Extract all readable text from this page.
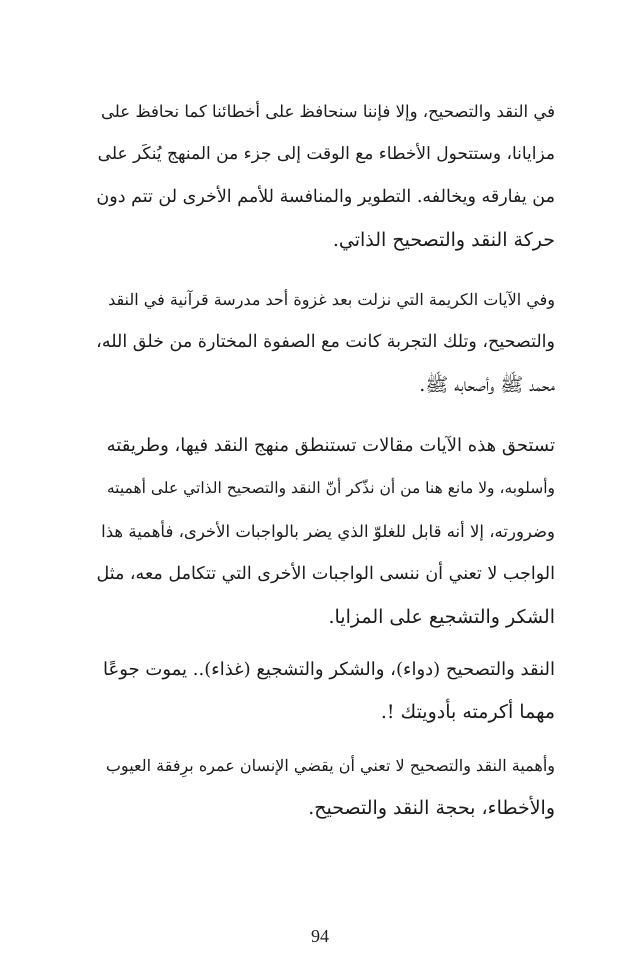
في النقد والتصحيح، وإلا فإننا سنحافظ على أخطائنا كما نحافظ على
مزايانا، وستتحول الأخطاء مع الوقت إلى جزء من المنهج يُنكَر على
من يفارقه ويخالفه. التطوير والمنافسة للأمم الأخرى لن تتم دون
حركة النقد والتصحيح الذاتي.

وفي الآيات الكريمة التي نزلت بعد غزوة أحد مدرسة قرآنية في النقد
والتصحيح، وتلك التجربة كانت مع الصفوة المختارة من خلق الله،
محمد ﷺ وأصحابه ﷺ.

تستحق هذه الآيات مقالات تستنطق منهج النقد فيها، وطريقته
وأسلوبه، ولا مانع هنا من أن نذّكر أنّ النقد والتصحيح الذاتي على أهميته
وضرورته، إلا أنه قابل للغلوّ الذي يضر بالواجبات الأخرى، فأهمية هذا
الواجب لا تعني أن ننسى الواجبات الأخرى التي تتكامل معه، مثل
الشكر والتشجيع على المزايا.

النقد والتصحيح (دواء)، والشكر والتشجيع (غذاء).. يموت جوعًا
مهما أكرمته بأدويتك !.

وأهمية النقد والتصحيح لا تعني أن يقضي الإنسان عمره برِفقة العيوب
والأخطاء، بحجة النقد والتصحيح.

94
